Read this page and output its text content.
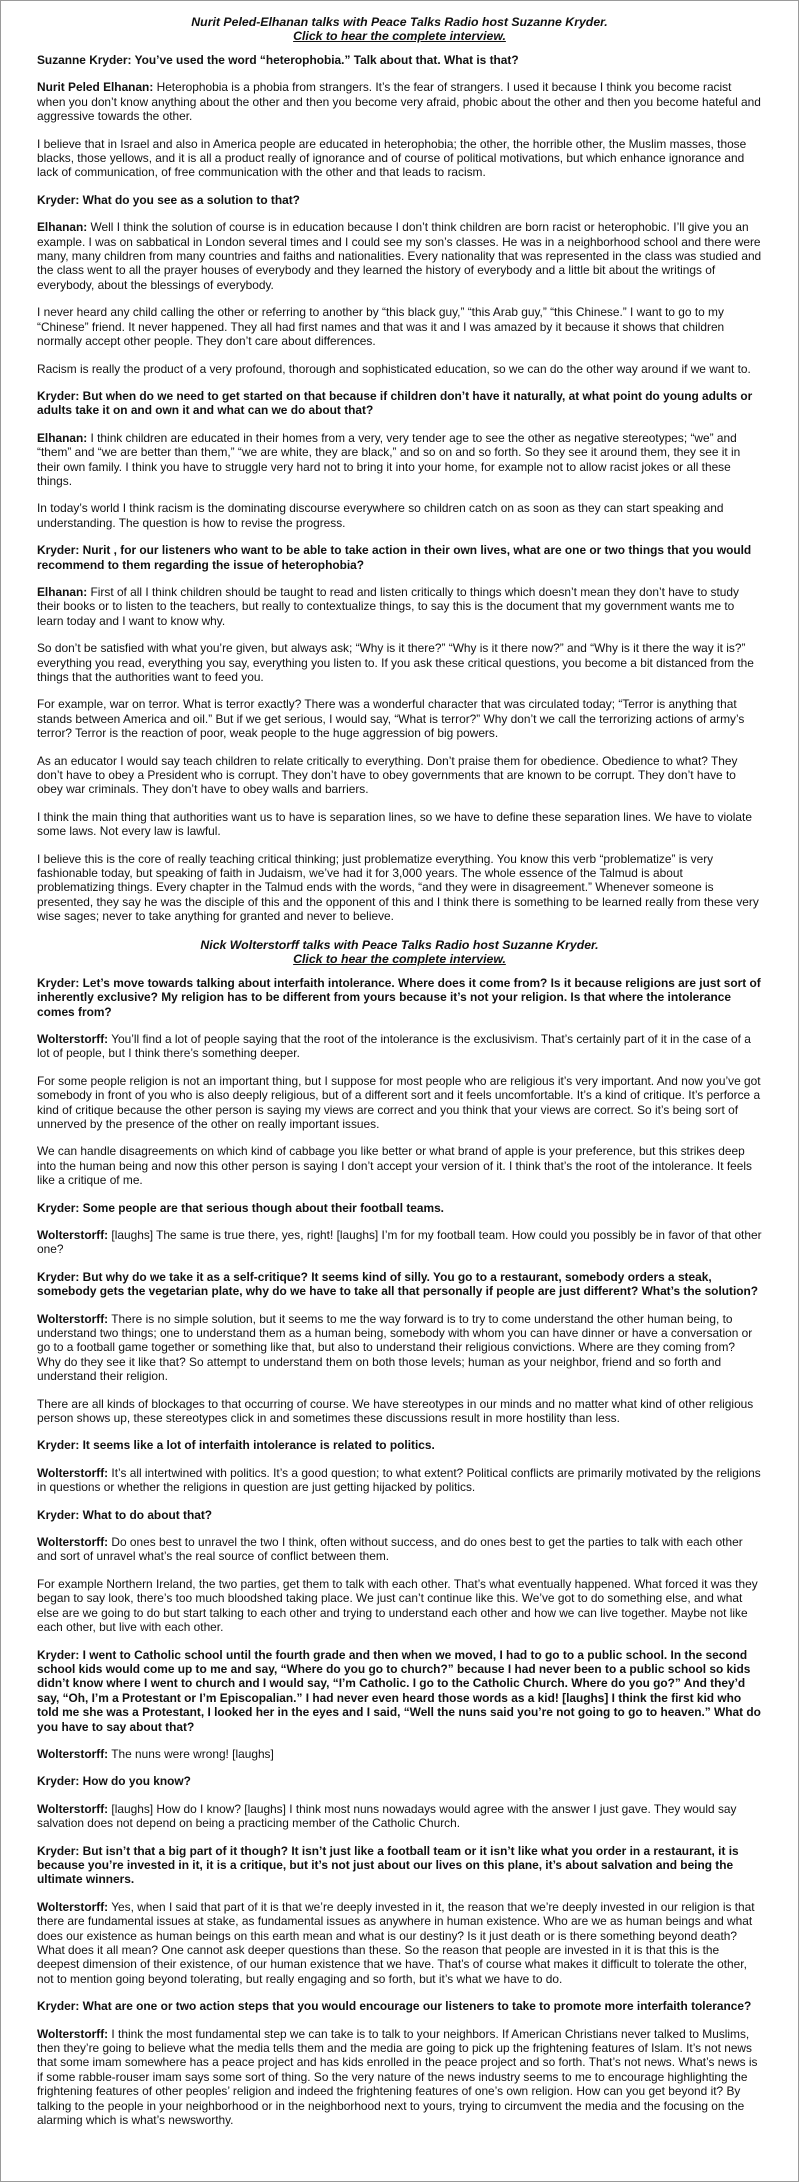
Nurit Peled-Elhanan talks with Peace Talks Radio host Suzanne Kryder.
Click to hear the complete interview.

Suzanne Kryder: You’ve used the word “heterophobia.” Talk about that. What is that?

Nurit Peled Elhanan: Heterophobia is a phobia from strangers. It’s the fear of strangers. I used it because I think you become racist when you don’t know anything about the other and then you become very afraid, phobic about the other and then you become hateful and aggressive towards the other.

I believe that in Israel and also in America people are educated in heterophobia; the other, the horrible other, the Muslim masses, those blacks, those yellows, and it is all a product really of ignorance and of course of political motivations, but which enhance ignorance and lack of communication, of free communication with the other and that leads to racism.

Kryder: What do you see as a solution to that?

Elhanan: Well I think the solution of course is in education because I don’t think children are born racist or heterophobic. I’ll give you an example. I was on sabbatical in London several times and I could see my son’s classes. He was in a neighborhood school and there were many, many children from many countries and faiths and nationalities. Every nationality that was represented in the class was studied and the class went to all the prayer houses of everybody and they learned the history of everybody and a little bit about the writings of everybody, about the blessings of everybody.

I never heard any child calling the other or referring to another by “this black guy,” “this Arab guy,” “this Chinese.” I want to go to my “Chinese” friend. It never happened. They all had first names and that was it and I was amazed by it because it shows that children normally accept other people. They don’t care about differences.

Racism is really the product of a very profound, thorough and sophisticated education, so we can do the other way around if we want to.

Kryder: But when do we need to get started on that because if children don’t have it naturally, at what point do young adults or adults take it on and own it and what can we do about that?

Elhanan: I think children are educated in their homes from a very, very tender age to see the other as negative stereotypes; “we” and “them” and “we are better than them,” “we are white, they are black,” and so on and so forth. So they see it around them, they see it in their own family. I think you have to struggle very hard not to bring it into your home, for example not to allow racist jokes or all these things.

In today’s world I think racism is the dominating discourse everywhere so children catch on as soon as they can start speaking and understanding. The question is how to revise the progress.

Kryder: Nurit , for our listeners who want to be able to take action in their own lives, what are one or two things that you would recommend to them regarding the issue of heterophobia?

Elhanan: First of all I think children should be taught to read and listen critically to things which doesn’t mean they don’t have to study their books or to listen to the teachers, but really to contextualize things, to say this is the document that my government wants me to learn today and I want to know why.

So don’t be satisfied with what you’re given, but always ask; “Why is it there?” “Why is it there now?” and “Why is it there the way it is?” everything you read, everything you say, everything you listen to. If you ask these critical questions, you become a bit distanced from the things that the authorities want to feed you.

For example, war on terror. What is terror exactly? There was a wonderful character that was circulated today; “Terror is anything that stands between America and oil.” But if we get serious, I would say, “What is terror?” Why don’t we call the terrorizing actions of army’s terror? Terror is the reaction of poor, weak people to the huge aggression of big powers.

As an educator I would say teach children to relate critically to everything. Don’t praise them for obedience. Obedience to what? They don’t have to obey a President who is corrupt. They don’t have to obey governments that are known to be corrupt. They don’t have to obey war criminals. They don’t have to obey walls and barriers.

I think the main thing that authorities want us to have is separation lines, so we have to define these separation lines. We have to violate some laws. Not every law is lawful.

I believe this is the core of really teaching critical thinking; just problematize everything. You know this verb “problematize” is very fashionable today, but speaking of faith in Judaism, we’ve had it for 3,000 years. The whole essence of the Talmud is about problematizing things. Every chapter in the Talmud ends with the words, “and they were in disagreement.” Whenever someone is presented, they say he was the disciple of this and the opponent of this and I think there is something to be learned really from these very wise sages; never to take anything for granted and never to believe.

Nick Wolterstorff talks with Peace Talks Radio host Suzanne Kryder.
Click to hear the complete interview.

Kryder: Let’s move towards talking about interfaith intolerance. Where does it come from? Is it because religions are just sort of inherently exclusive? My religion has to be different from yours because it’s not your religion. Is that where the intolerance comes from?

Wolterstorff: You’ll find a lot of people saying that the root of the intolerance is the exclusivism. That’s certainly part of it in the case of a lot of people, but I think there’s something deeper.

For some people religion is not an important thing, but I suppose for most people who are religious it’s very important. And now you’ve got somebody in front of you who is also deeply religious, but of a different sort and it feels uncomfortable. It’s a kind of critique. It’s perforce a kind of critique because the other person is saying my views are correct and you think that your views are correct. So it’s being sort of unnerved by the presence of the other on really important issues.

We can handle disagreements on which kind of cabbage you like better or what brand of apple is your preference, but this strikes deep into the human being and now this other person is saying I don’t accept your version of it. I think that’s the root of the intolerance. It feels like a critique of me.

Kryder: Some people are that serious though about their football teams.

Wolterstorff: [laughs] The same is true there, yes, right! [laughs] I’m for my football team. How could you possibly be in favor of that other one?

Kryder: But why do we take it as a self-critique? It seems kind of silly. You go to a restaurant, somebody orders a steak, somebody gets the vegetarian plate, why do we have to take all that personally if people are just different? What’s the solution?

Wolterstorff: There is no simple solution, but it seems to me the way forward is to try to come understand the other human being, to understand two things; one to understand them as a human being, somebody with whom you can have dinner or have a conversation or go to a football game together or something like that, but also to understand their religious convictions. Where are they coming from? Why do they see it like that? So attempt to understand them on both those levels; human as your neighbor, friend and so forth and understand their religion.

There are all kinds of blockages to that occurring of course. We have stereotypes in our minds and no matter what kind of other religious person shows up, these stereotypes click in and sometimes these discussions result in more hostility than less.

Kryder: It seems like a lot of interfaith intolerance is related to politics.

Wolterstorff: It’s all intertwined with politics. It’s a good question; to what extent? Political conflicts are primarily motivated by the religions in questions or whether the religions in question are just getting hijacked by politics.

Kryder: What to do about that?

Wolterstorff: Do ones best to unravel the two I think, often without success, and do ones best to get the parties to talk with each other and sort of unravel what’s the real source of conflict between them.

For example Northern Ireland, the two parties, get them to talk with each other. That’s what eventually happened. What forced it was they began to say look, there’s too much bloodshed taking place. We just can’t continue like this. We’ve got to do something else, and what else are we going to do but start talking to each other and trying to understand each other and how we can live together. Maybe not like each other, but live with each other.

Kryder: I went to Catholic school until the fourth grade and then when we moved, I had to go to a public school. In the second school kids would come up to me and say, “Where do you go to church?” because I had never been to a public school so kids didn’t know where I went to church and I would say, “I’m Catholic. I go to the Catholic Church. Where do you go?” And they’d say, “Oh, I’m a Protestant or I’m Episcopalian.” I had never even heard those words as a kid! [laughs] I think the first kid who told me she was a Protestant, I looked her in the eyes and I said, “Well the nuns said you’re not going to go to heaven.” What do you have to say about that?

Wolterstorff: The nuns were wrong! [laughs]

Kryder: How do you know?

Wolterstorff: [laughs] How do I know? [laughs] I think most nuns nowadays would agree with the answer I just gave. They would say salvation does not depend on being a practicing member of the Catholic Church.

Kryder: But isn’t that a big part of it though? It isn’t just like a football team or it isn’t like what you order in a restaurant, it is because you’re invested in it, it is a critique, but it’s not just about our lives on this plane, it’s about salvation and being the ultimate winners.

Wolterstorff: Yes, when I said that part of it is that we’re deeply invested in it, the reason that we’re deeply invested in our religion is that there are fundamental issues at stake, as fundamental issues as anywhere in human existence. Who are we as human beings and what does our existence as human beings on this earth mean and what is our destiny? Is it just death or is there something beyond death? What does it all mean? One cannot ask deeper questions than these. So the reason that people are invested in it is that this is the deepest dimension of their existence, of our human existence that we have. That’s of course what makes it difficult to tolerate the other, not to mention going beyond tolerating, but really engaging and so forth, but it’s what we have to do.

Kryder: What are one or two action steps that you would encourage our listeners to take to promote more interfaith tolerance?

Wolterstorff: I think the most fundamental step we can take is to talk to your neighbors. If American Christians never talked to Muslims, then they’re going to believe what the media tells them and the media are going to pick up the frightening features of Islam. It’s not news that some imam somewhere has a peace project and has kids enrolled in the peace project and so forth. That’s not news. What’s news is if some rabble-rouser imam says some sort of thing. So the very nature of the news industry seems to me to encourage highlighting the frightening features of other peoples’ religion and indeed the frightening features of one’s own religion. How can you get beyond it? By talking to the people in your neighborhood or in the neighborhood next to yours, trying to circumvent the media and the focusing on the alarming which is what’s newsworthy.
